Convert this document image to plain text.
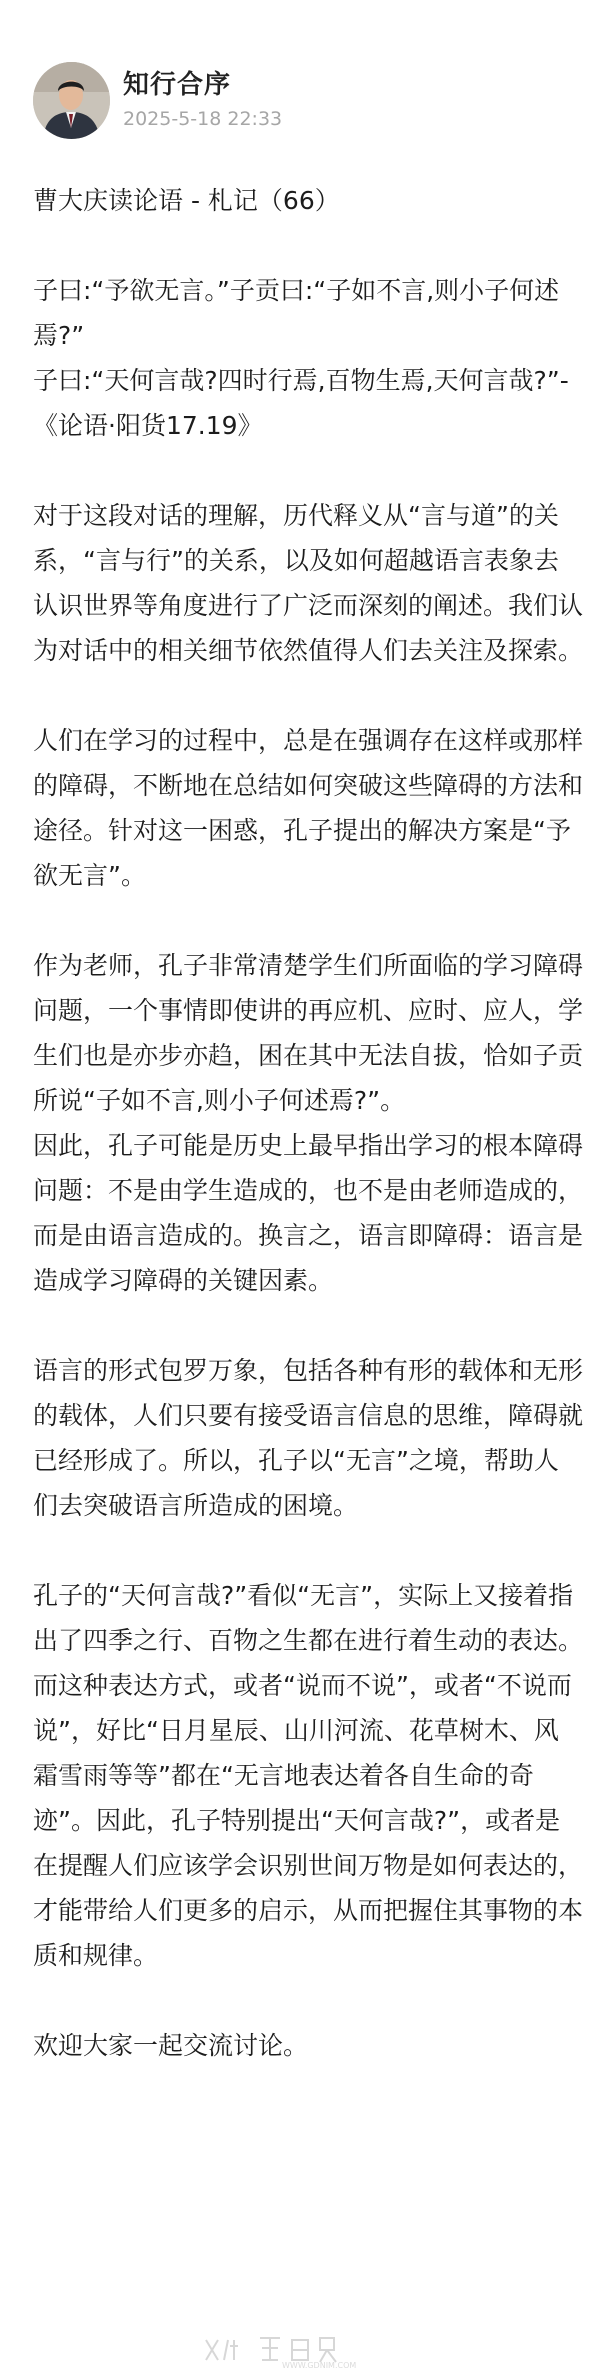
知行合序
2025-5-18 22:33
曹大庆读论语 - 札记（66）
子曰:“予欲无言。”子贡曰:“子如不言,则小子何述焉?”
子曰:“天何言哉?四时行焉,百物生焉,天何言哉?”- 《论语·阳货17.19》
对于这段对话的理解，历代释义从“言与道”的关系，“言与行”的关系，以及如何超越语言表象去认识世界等角度进行了广泛而深刻的阐述。我们认为对话中的相关细节依然值得人们去关注及探索。
人们在学习的过程中，总是在强调存在这样或那样的障碍，不断地在总结如何突破这些障碍的方法和途径。针对这一困惑，孔子提出的解决方案是“予欲无言”。
作为老师，孔子非常清楚学生们所面临的学习障碍问题，一个事情即使讲的再应机、应时、应人，学生们也是亦步亦趋，困在其中无法自拔，恰如子贡所说“子如不言,则小子何述焉?”。
因此，孔子可能是历史上最早指出学习的根本障碍问题：不是由学生造成的，也不是由老师造成的，而是由语言造成的。换言之，语言即障碍：语言是造成学习障碍的关键因素。
语言的形式包罗万象，包括各种有形的载体和无形的载体，人们只要有接受语言信息的思维，障碍就已经形成了。所以，孔子以“无言”之境，帮助人们去突破语言所造成的困境。
孔子的“天何言哉?”看似“无言”，实际上又接着指出了四季之行、百物之生都在进行着生动的表达。而这种表达方式，或者“说而不说”，或者“不说而说”，好比“日月星辰、山川河流、花草树木、风霜雪雨等等”都在“无言地表达着各自生命的奇迹”。因此，孔子特别提出“天何言哉?”，或者是在提醒人们应该学会识别世间万物是如何表达的，才能带给人们更多的启示，从而把握住其事物的本质和规律。
欢迎大家一起交流讨论。
WWW.GDNIM.COM
